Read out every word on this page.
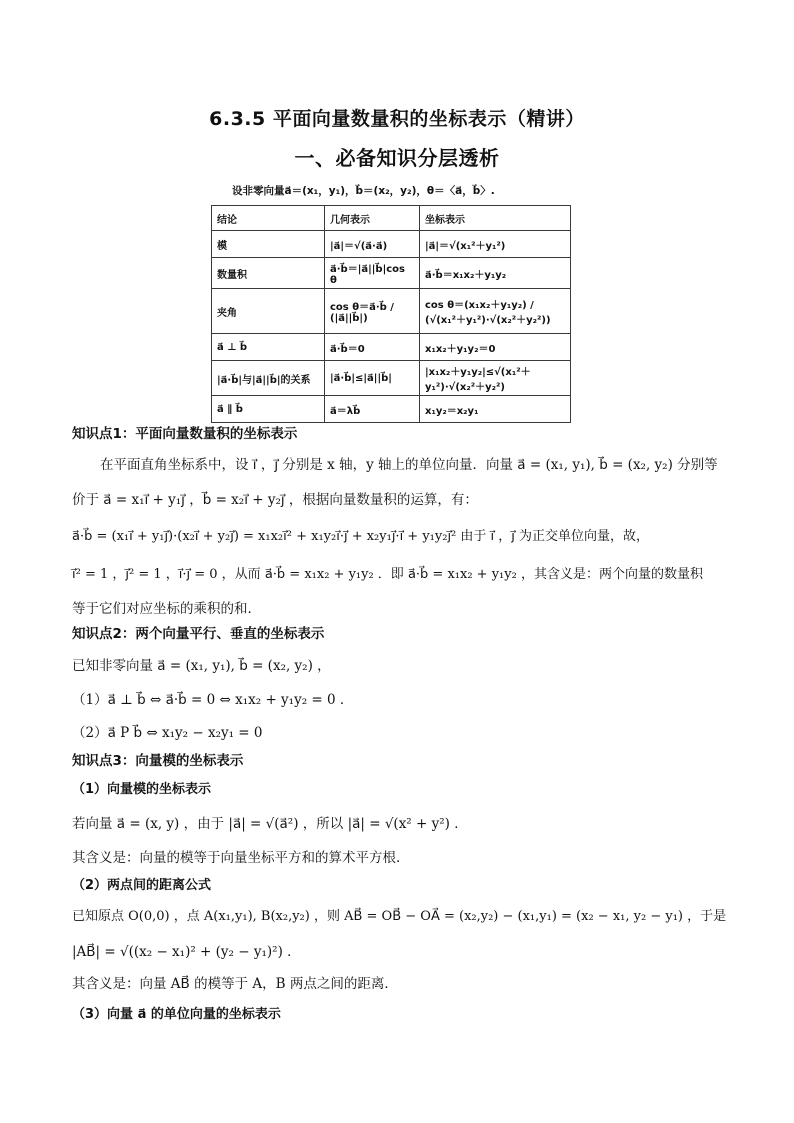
6.3.5 平面向量数量积的坐标表示（精讲）
一、必备知识分层透析
设非零向量a⃗＝(x₁，y₁)，b⃗＝(x₂，y₂)，θ＝〈a⃗，b⃗〉.
结论	几何表示	坐标表示
模	|a⃗|＝√(a⃗·a⃗)	|a⃗|＝√(x₁²＋y₁²)
数量积	a⃗·b⃗＝|a⃗||b⃗|cos θ	a⃗·b⃗＝x₁x₂＋y₁y₂
夹角	cos θ＝a⃗·b⃗ / (|a⃗||b⃗|)	cos θ＝(x₁x₂＋y₁y₂) / (√(x₁²＋y₁²)·√(x₂²＋y₂²))
a⃗ ⊥ b⃗	a⃗·b⃗＝0	x₁x₂＋y₁y₂＝0
|a⃗·b⃗|与|a⃗||b⃗|的关系	|a⃗·b⃗|≤|a⃗||b⃗|	|x₁x₂＋y₁y₂|≤√(x₁²＋y₁²)·√(x₂²＋y₂²)
a⃗ ∥ b⃗	a⃗＝λb⃗	x₁y₂＝x₂y₁
知识点1：平面向量数量积的坐标表示
在平面直角坐标系中，设 i⃗ ，j⃗ 分别是 x 轴，y 轴上的单位向量．向量 a⃗ = (x₁, y₁), b⃗ = (x₂, y₂) 分别等
价于 a⃗ = x₁i⃗ + y₁j⃗ ，b⃗ = x₂i⃗ + y₂j⃗ ，根据向量数量积的运算，有：
a⃗·b⃗ = (x₁i⃗ + y₁j⃗)·(x₂i⃗ + y₂j⃗) = x₁x₂i⃗² + x₁y₂i⃗·j⃗ + x₂y₁j⃗·i⃗ + y₁y₂j⃗² 由于 i⃗ ，j⃗ 为正交单位向量，故，
i⃗² = 1 ，j⃗² = 1 ，i⃗·j⃗ = 0 ，从而 a⃗·b⃗ = x₁x₂ + y₁y₂ ．即 a⃗·b⃗ = x₁x₂ + y₁y₂ ，其含义是：两个向量的数量积
等于它们对应坐标的乘积的和．
知识点2：两个向量平行、垂直的坐标表示
已知非零向量 a⃗ = (x₁, y₁), b⃗ = (x₂, y₂) ，
（1）a⃗ ⊥ b⃗ ⇔ a⃗·b⃗ = 0 ⇔ x₁x₂ + y₁y₂ = 0 ．
（2）a⃗ P b⃗ ⇔ x₁y₂ − x₂y₁ = 0
知识点3：向量模的坐标表示
（1）向量模的坐标表示
若向量 a⃗ = (x, y) ，由于 |a⃗| = √(a⃗²) ，所以 |a⃗| = √(x² + y²) ．
其含义是：向量的模等于向量坐标平方和的算术平方根．
（2）两点间的距离公式
已知原点 O(0,0) ，点 A(x₁,y₁), B(x₂,y₂) ，则 AB⃗ = OB⃗ − OA⃗ = (x₂,y₂) − (x₁,y₁) = (x₂ − x₁, y₂ − y₁) ，于是
|AB⃗| = √((x₂ − x₁)² + (y₂ − y₁)²) ．
其含义是：向量 AB⃗ 的模等于 A，B 两点之间的距离．
（3）向量 a⃗ 的单位向量的坐标表示
